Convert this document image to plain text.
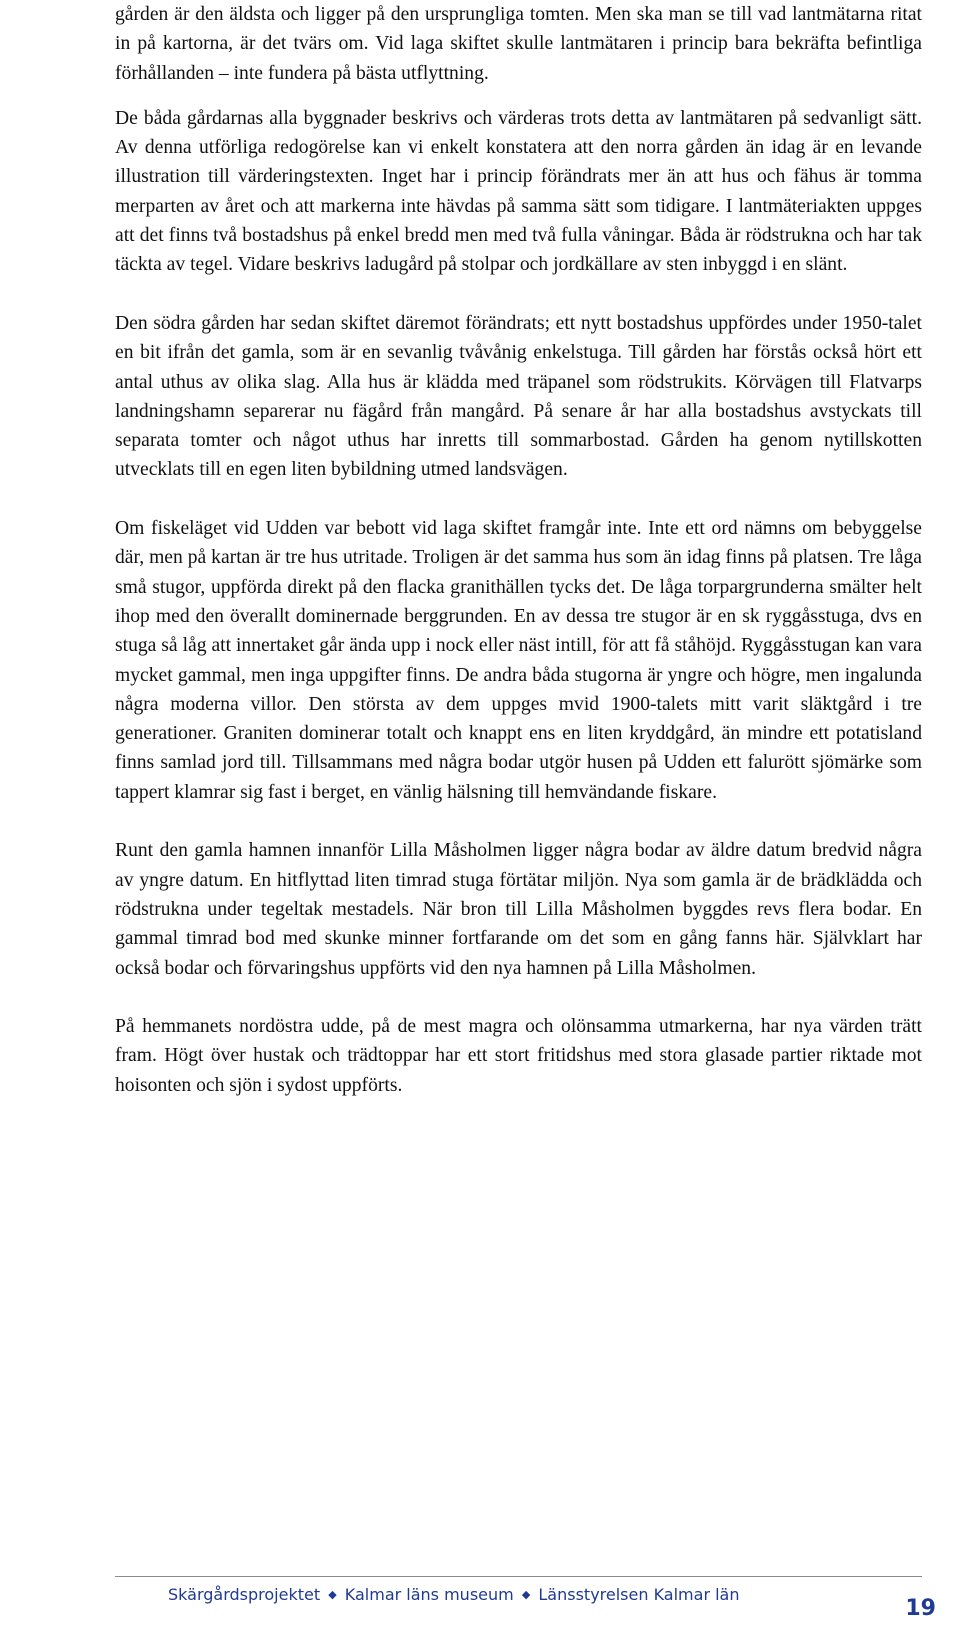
gården är den äldsta och ligger på den ursprungliga tomten. Men ska man se till vad lantmätarna ritat in på kartorna, är det tvärs om. Vid laga skiftet skulle lantmätaren i princip bara bekräfta befintliga förhållanden – inte fundera på bästa utflyttning.

De båda gårdarnas alla byggnader beskrivs och värderas trots detta av lantmätaren på sedvanligt sätt. Av denna utförliga redogörelse kan vi enkelt konstatera att den norra gården än idag är en levande illustration till värderingstexten. Inget har i princip förändrats mer än att hus och fähus är tomma merparten av året och att markerna inte hävdas på samma sätt som tidigare. I lantmäteriakten uppges att det finns två bostadshus på enkel bredd men med två fulla våningar. Båda är rödstrukna och har tak täckta av tegel. Vidare beskrivs ladugård på stolpar och jordkällare av sten inbyggd i en slänt.

Den södra gården har sedan skiftet däremot förändrats; ett nytt bostadshus uppfördes under 1950-talet en bit ifrån det gamla, som är en sevanlig tvåvånig enkelstuga. Till gården har förstås också hört ett antal uthus av olika slag. Alla hus är klädda med träpanel som rödstrukits. Körvägen till Flatvarps landningshamn separerar nu fägård från mangård. På senare år har alla bostadshus avstyckats till separata tomter och något uthus har inretts till sommarbostad. Gården ha genom nytillskotten utvecklats till en egen liten bybildning utmed landsvägen.

Om fiskeläget vid Udden var bebott vid laga skiftet framgår inte. Inte ett ord nämns om bebyggelse där, men på kartan är tre hus utritade. Troligen är det samma hus som än idag finns på platsen. Tre låga små stugor, uppförda direkt på den flacka granithällen tycks det. De låga torpargrunderna smälter helt ihop med den överallt dominernade berggrunden. En av dessa tre stugor är en sk ryggåsstuga, dvs en stuga så låg att innertaket går ända upp i nock eller näst intill, för att få ståhöjd. Ryggåsstugan kan vara mycket gammal, men inga uppgifter finns. De andra båda stugorna är yngre och högre, men ingalunda några moderna villor. Den största av dem uppges mvid 1900-talets mitt varit släktgård i tre generationer. Graniten dominerar totalt och knappt ens en liten kryddgård, än mindre ett potatisland finns samlad jord till. Tillsammans med några bodar utgör husen på Udden ett falurött sjömärke som tappert klamrar sig fast i berget, en vänlig hälsning till hemvändande fiskare.

Runt den gamla hamnen innanför Lilla Måsholmen ligger några bodar av äldre datum bredvid några av yngre datum. En hitflyttad liten timrad stuga förtätar miljön. Nya som gamla är de brädklädda och rödstrukna under tegeltak mestadels. När bron till Lilla Måsholmen byggdes revs flera bodar. En gammal timrad bod med skunke minner fortfarande om det som en gång fanns här. Självklart har också bodar och förvaringshus uppförts vid den nya hamnen på Lilla Måsholmen.

På hemmanets nordöstra udde, på de mest magra och olönsamma utmarkerna, har nya värden trätt fram. Högt över hustak och trädtoppar har ett stort fritidshus med stora glasade partier riktade mot hoisonten och sjön i sydost uppförts.

Skärgårdsprojektet ◆ Kalmar läns museum ◆ Länsstyrelsen Kalmar län
19
